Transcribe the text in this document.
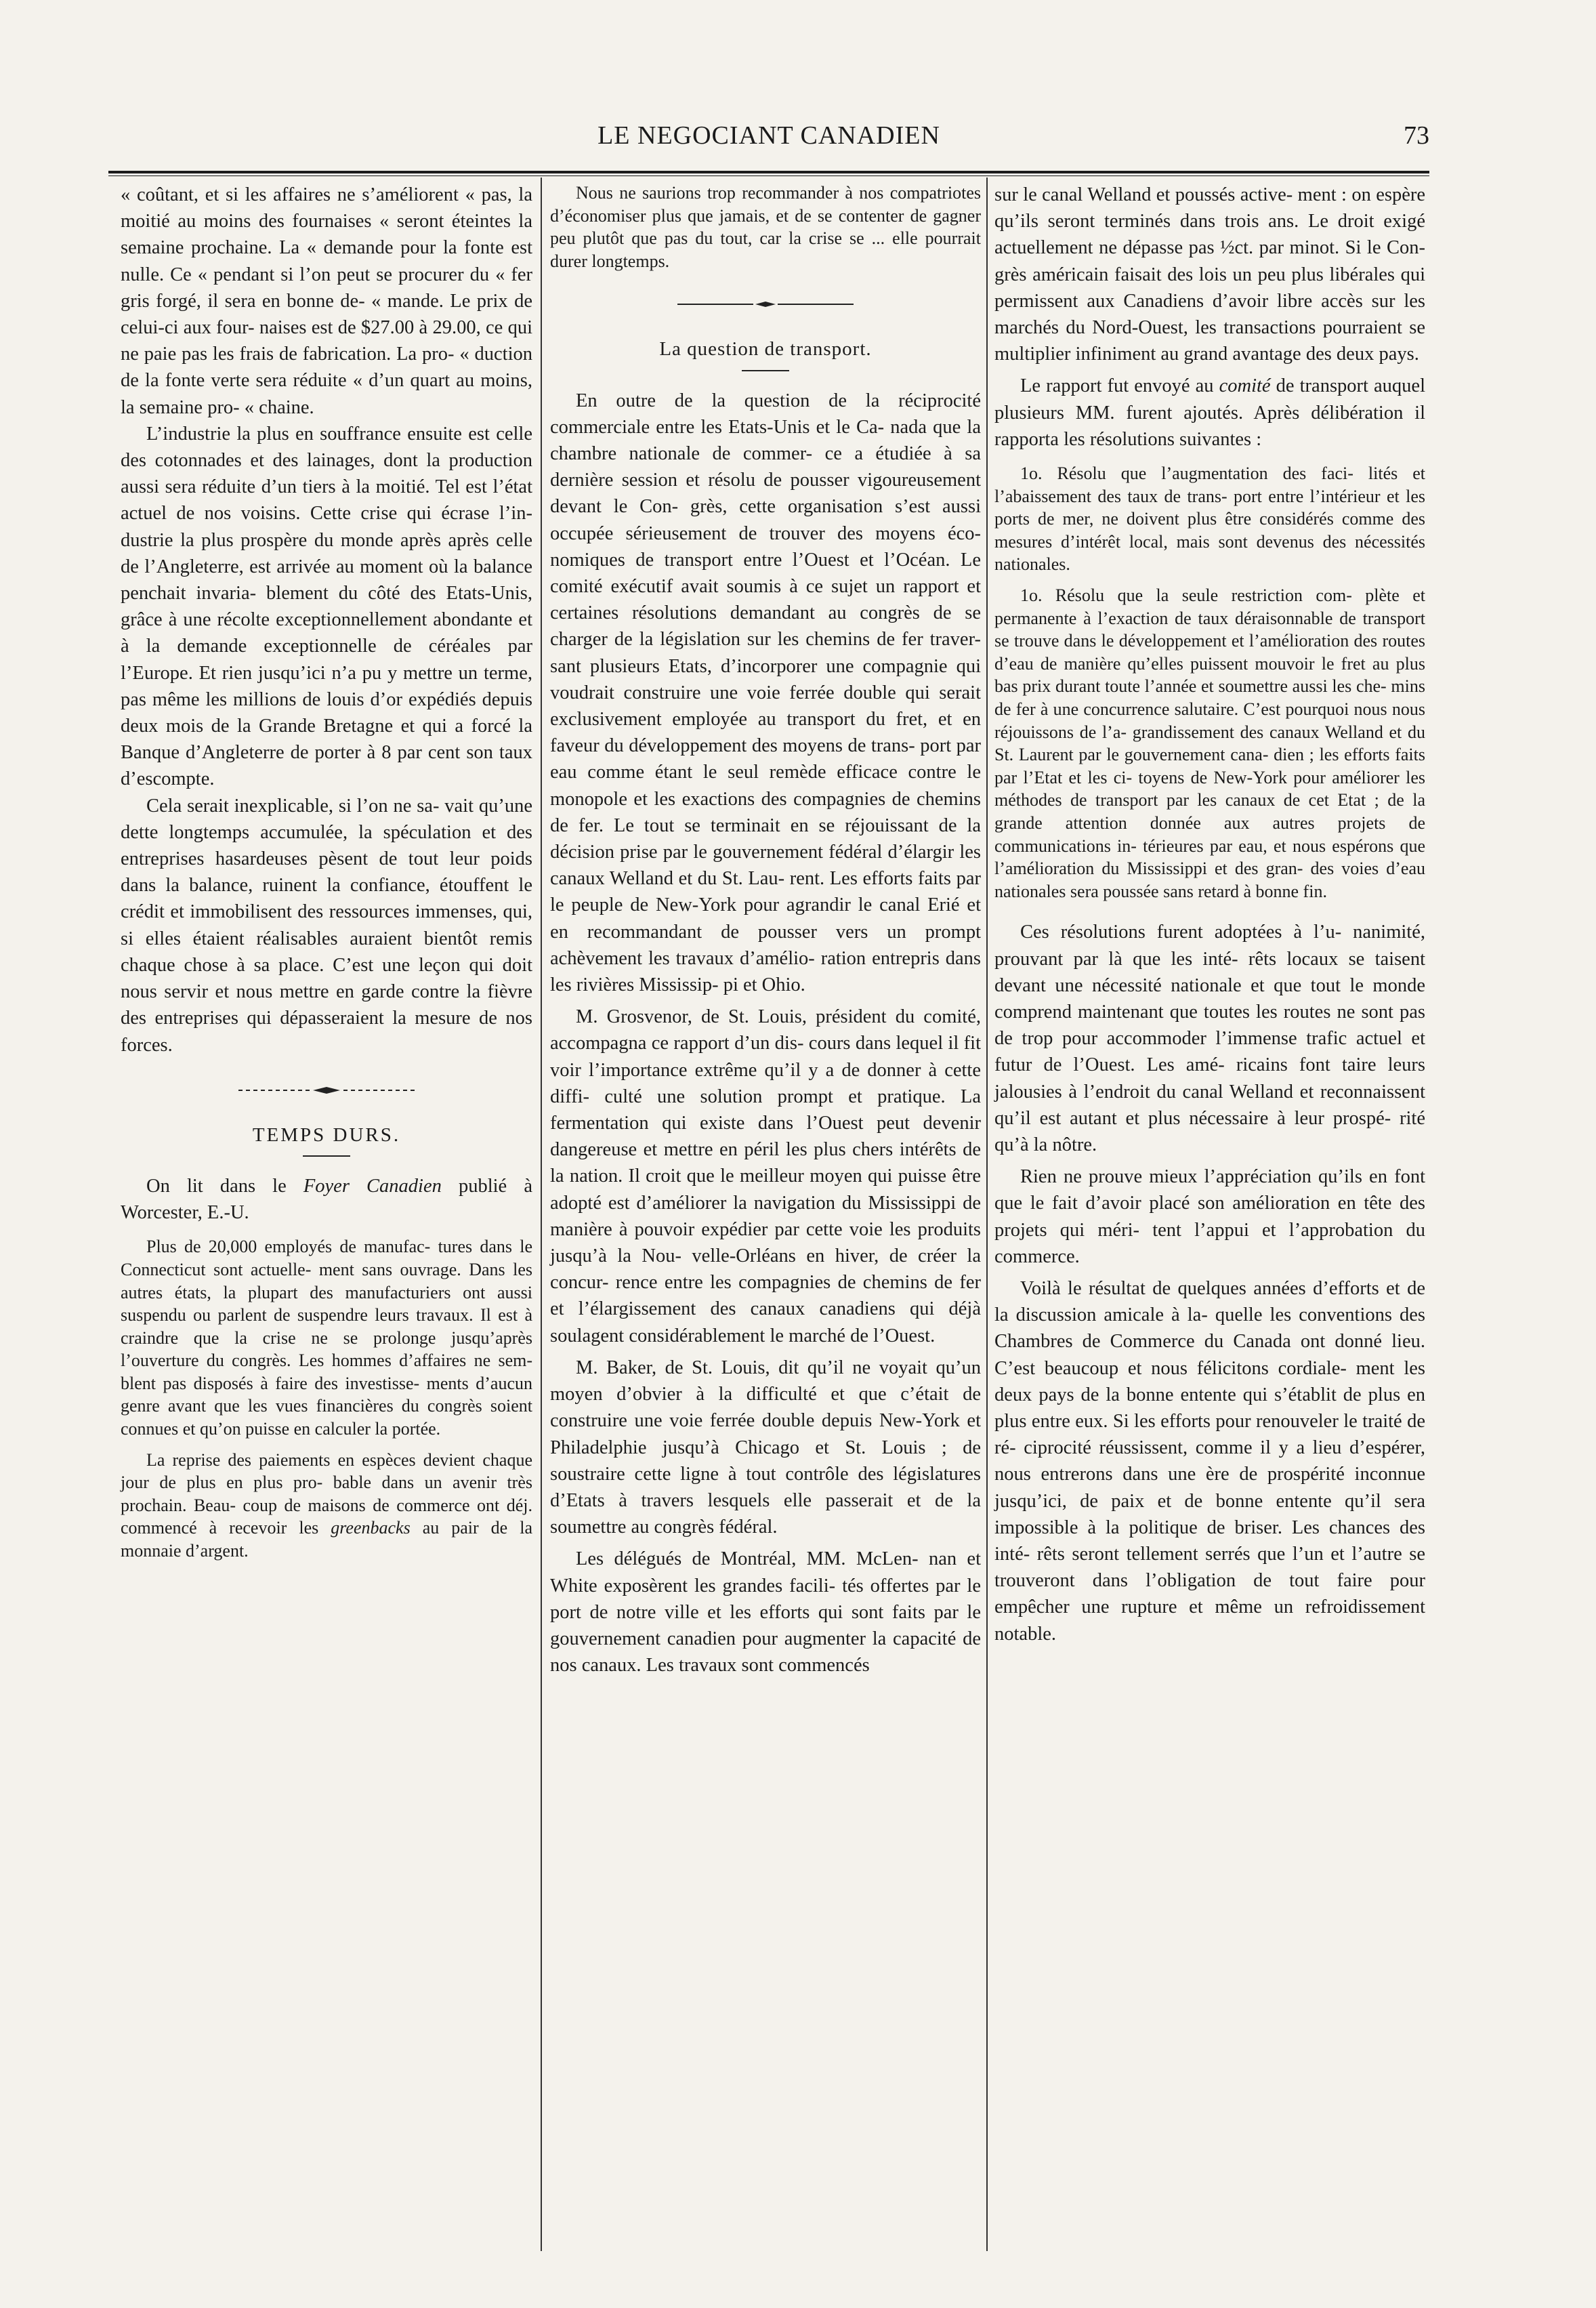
LE NEGOCIANT CANADIEN	73

« coûtant, et si les affaires ne s’améliorent « pas, la moitié au moins des fournaises « seront éteintes la semaine prochaine. La « demande pour la fonte est nulle. Ce « pendant si l’on peut se procurer du « fer gris forgé, il sera en bonne de- « mande. Le prix de celui-ci aux four- naises est de $27.00 à 29.00, ce qui ne paie pas les frais de fabrication. La pro- « duction de la fonte verte sera réduite « d’un quart au moins, la semaine pro- « chaine.

L’industrie la plus en souffrance ensuite est celle des cotonnades et des lainages, dont la production aussi sera réduite d’un tiers à la moitié. Tel est l’état actuel de nos voisins. Cette crise qui écrase l’in- dustrie la plus prospère du monde après après celle de l’Angleterre, est arrivée au moment où la balance penchait invaria- blement du côté des Etats-Unis, grâce à une récolte exceptionnellement abondante et à la demande exceptionnelle de céréales par l’Europe. Et rien jusqu’ici n’a pu y mettre un terme, pas même les millions de louis d’or expédiés depuis deux mois de la Grande Bretagne et qui a forcé la Banque d’Angleterre de porter à 8 par cent son taux d’escompte.

Cela serait inexplicable, si l’on ne sa- vait qu’une dette longtemps accumulée, la spéculation et des entreprises hasardeuses pèsent de tout leur poids dans la balance, ruinent la confiance, étouffent le crédit et immobilisent des ressources immenses, qui, si elles étaient réalisables auraient bientôt remis chaque chose à sa place. C’est une leçon qui doit nous servir et nous mettre en garde contre la fièvre des entreprises qui dépasseraient la mesure de nos forces.

TEMPS DURS.

On lit dans le Foyer Canadien publié à Worcester, E.-U.

Plus de 20,000 employés de manufac- tures dans le Connecticut sont actuelle- ment sans ouvrage. Dans les autres états, la plupart des manufacturiers ont aussi suspendu ou parlent de suspendre leurs travaux. Il est à craindre que la crise ne se prolonge jusqu’après l’ouverture du congrès. Les hommes d’affaires ne sem- blent pas disposés à faire des investisse- ments d’aucun genre avant que les vues financières du congrès soient connues et qu’on puisse en calculer la portée.

La reprise des paiements en espèces devient chaque jour de plus en plus pro- bable dans un avenir très prochain. Beau- coup de maisons de commerce ont déj. commencé à recevoir les greenbacks au pair de la monnaie d’argent.

Nous ne saurions trop recommander à nos compatriotes d’économiser plus que jamais, et de se contenter de gagner peu plutôt que pas du tout, car la crise se ... elle pourrait durer longtemps.

La question de transport.

En outre de la question de la réciprocité commerciale entre les Etats-Unis et le Ca- nada que la chambre nationale de commer- ce a étudiée à sa dernière session et résolu de pousser vigoureusement devant le Con- grès, cette organisation s’est aussi occupée sérieusement de trouver des moyens éco- nomiques de transport entre l’Ouest et l’Océan. Le comité exécutif avait soumis à ce sujet un rapport et certaines résolutions demandant au congrès de se charger de la législation sur les chemins de fer traver- sant plusieurs Etats, d’incorporer une compagnie qui voudrait construire une voie ferrée double qui serait exclusivement employée au transport du fret, et en faveur du développement des moyens de trans- port par eau comme étant le seul remède efficace contre le monopole et les exactions des compagnies de chemins de fer. Le tout se terminait en se réjouissant de la décision prise par le gouvernement fédéral d’élargir les canaux Welland et du St. Lau- rent. Les efforts faits par le peuple de New-York pour agrandir le canal Erié et en recommandant de pousser vers un prompt achèvement les travaux d’amélio- ration entrepris dans les rivières Mississip- pi et Ohio.

M. Grosvenor, de St. Louis, président du comité, accompagna ce rapport d’un dis- cours dans lequel il fit voir l’importance extrême qu’il y a de donner à cette diffi- culté une solution prompt et pratique. La fermentation qui existe dans l’Ouest peut devenir dangereuse et mettre en péril les plus chers intérêts de la nation. Il croit que le meilleur moyen qui puisse être adopté est d’améliorer la navigation du Mississippi de manière à pouvoir expédier par cette voie les produits jusqu’à la Nou- velle-Orléans en hiver, de créer la concur- rence entre les compagnies de chemins de fer et l’élargissement des canaux canadiens qui déjà soulagent considérablement le marché de l’Ouest.

M. Baker, de St. Louis, dit qu’il ne voyait qu’un moyen d’obvier à la difficulté et que c’était de construire une voie ferrée double depuis New-York et Philadelphie jusqu’à Chicago et St. Louis ; de soustraire cette ligne à tout contrôle des législatures d’Etats à travers lesquels elle passerait et de la soumettre au congrès fédéral.

Les délégués de Montréal, MM. McLen- nan et White exposèrent les grandes facili- tés offertes par le port de notre ville et les efforts qui sont faits par le gouvernement canadien pour augmenter la capacité de nos canaux. Les travaux sont commencés

sur le canal Welland et poussés active- ment : on espère qu’ils seront terminés dans trois ans. Le droit exigé actuellement ne dépasse pas ½ct. par minot. Si le Con- grès américain faisait des lois un peu plus libérales qui permissent aux Canadiens d’avoir libre accès sur les marchés du Nord-Ouest, les transactions pourraient se multiplier infiniment au grand avantage des deux pays.

Le rapport fut envoyé au comité de transport auquel plusieurs MM. furent ajoutés. Après délibération il rapporta les résolutions suivantes :

1o. Résolu que l’augmentation des faci- lités et l’abaissement des taux de trans- port entre l’intérieur et les ports de mer, ne doivent plus être considérés comme des mesures d’intérêt local, mais sont devenus des nécessités nationales.

1o. Résolu que la seule restriction com- plète et permanente à l’exaction de taux déraisonnable de transport se trouve dans le développement et l’amélioration des routes d’eau de manière qu’elles puissent mouvoir le fret au plus bas prix durant toute l’année et soumettre aussi les che- mins de fer à une concurrence salutaire. C’est pourquoi nous nous réjouissons de l’a- grandissement des canaux Welland et du St. Laurent par le gouvernement cana- dien ; les efforts faits par l’Etat et les ci- toyens de New-York pour améliorer les méthodes de transport par les canaux de cet Etat ; de la grande attention donnée aux autres projets de communications in- térieures par eau, et nous espérons que l’amélioration du Mississippi et des gran- des voies d’eau nationales sera poussée sans retard à bonne fin.

Ces résolutions furent adoptées à l’u- nanimité, prouvant par là que les inté- rêts locaux se taisent devant une nécessité nationale et que tout le monde comprend maintenant que toutes les routes ne sont pas de trop pour accommoder l’immense trafic actuel et futur de l’Ouest. Les amé- ricains font taire leurs jalousies à l’endroit du canal Welland et reconnaissent qu’il est autant et plus nécessaire à leur prospé- rité qu’à la nôtre.

Rien ne prouve mieux l’appréciation qu’ils en font que le fait d’avoir placé son amélioration en tête des projets qui méri- tent l’appui et l’approbation du commerce.

Voilà le résultat de quelques années d’efforts et de la discussion amicale à la- quelle les conventions des Chambres de Commerce du Canada ont donné lieu. C’est beaucoup et nous félicitons cordiale- ment les deux pays de la bonne entente qui s’établit de plus en plus entre eux. Si les efforts pour renouveler le traité de ré- ciprocité réussissent, comme il y a lieu d’espérer, nous entrerons dans une ère de prospérité inconnue jusqu’ici, de paix et de bonne entente qu’il sera impossible à la politique de briser. Les chances des inté- rêts seront tellement serrés que l’un et l’autre se trouveront dans l’obligation de tout faire pour empêcher une rupture et même un refroidissement notable.
